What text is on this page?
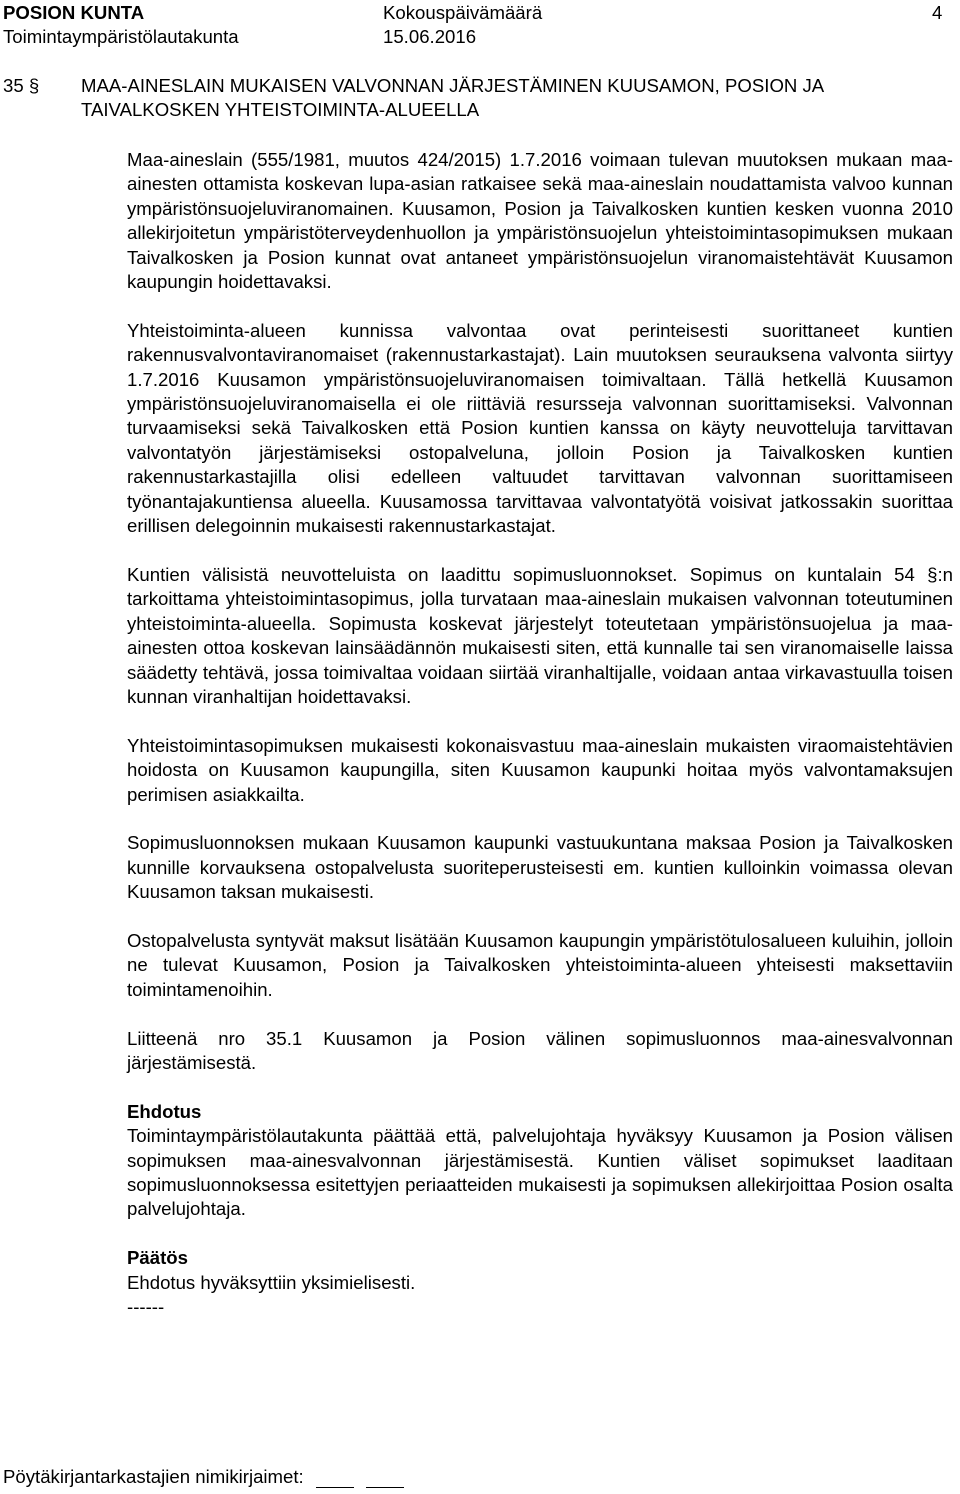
POSION KUNTA
Toimintaympäristölautakunta
Kokouspäivämäärä
15.06.2016
4
35 § MAA-AINESLAIN MUKAISEN VALVONNAN JÄRJESTÄMINEN KUUSAMON, POSION JA TAIVALKOSKEN YHTEISTOIMINTA-ALUEELLA

Maa-aineslain (555/1981, muutos 424/2015) 1.7.2016 voimaan tulevan muutoksen mukaan maa-ainesten ottamista koskevan lupa-asian ratkaisee sekä maa-aineslain noudattamista valvoo kunnan ympäristönsuojeluviranomainen. Kuusamon, Posion ja Taivalkosken kuntien kesken vuonna 2010 allekirjoitetun ympäristöterveydenhuollon ja ympäristönsuojelun yhteistoimintasopimuksen mukaan Taivalkosken ja Posion kunnat ovat antaneet ympäristönsuojelun viranomaistehtävät Kuusamon kaupungin hoidettavaksi.

Yhteistoiminta-alueen kunnissa valvontaa ovat perinteisesti suorittaneet kuntien rakennusvalvontaviranomaiset (rakennustarkastajat). Lain muutoksen seurauksena valvonta siirtyy 1.7.2016 Kuusamon ympäristönsuojeluviranomaisen toimivaltaan. Tällä hetkellä Kuusamon ympäristönsuojeluviranomaisella ei ole riittäviä resursseja valvonnan suorittamiseksi. Valvonnan turvaamiseksi sekä Taivalkosken että Posion kuntien kanssa on käyty neuvotteluja tarvittavan valvontatyön järjestämiseksi ostopalveluna, jolloin Posion ja Taivalkosken kuntien rakennustarkastajilla olisi edelleen valtuudet tarvittavan valvonnan suorittamiseen työnantajakuntiensa alueella. Kuusamossa tarvittavaa valvontatyötä voisivat jatkossakin suorittaa erillisen delegoinnin mukaisesti rakennustarkastajat.

Kuntien välisistä neuvotteluista on laadittu sopimusluonnokset. Sopimus on kuntalain 54 §:n tarkoittama yhteistoimintasopimus, jolla turvataan maa-aineslain mukaisen valvonnan toteutuminen yhteistoiminta-alueella. Sopimusta koskevat järjestelyt toteutetaan ympäristönsuojelua ja maa-ainesten ottoa koskevan lainsäädännön mukaisesti siten, että kunnalle tai sen viranomaiselle laissa säädetty tehtävä, jossa toimivaltaa voidaan siirtää viranhaltijalle, voidaan antaa virkavastuulla toisen kunnan viranhaltijan hoidettavaksi.

Yhteistoimintasopimuksen mukaisesti kokonaisvastuu maa-aineslain mukaisten viraomaistehtävien hoidosta on Kuusamon kaupungilla, siten Kuusamon kaupunki hoitaa myös valvontamaksujen perimisen asiakkailta.

Sopimusluonnoksen mukaan Kuusamon kaupunki vastuukuntana maksaa Posion ja Taivalkosken kunnille korvauksena ostopalvelusta suoriteperusteisesti em. kuntien kulloinkin voimassa olevan Kuusamon taksan mukaisesti.

Ostopalvelusta syntyvät maksut lisätään Kuusamon kaupungin ympäristötulosalueen kuluihin, jolloin ne tulevat Kuusamon, Posion ja Taivalkosken yhteistoiminta-alueen yhteisesti maksettaviin toimintamenoihin.

Liitteenä nro 35.1 Kuusamon ja Posion välinen sopimusluonnos maa-ainesvalvonnan järjestämisestä.

Ehdotus

Toimintaympäristölautakunta päättää että, palvelujohtaja hyväksyy Kuusamon ja Posion välisen sopimuksen maa-ainesvalvonnan järjestämisestä. Kuntien väliset sopimukset laaditaan sopimusluonnoksessa esitettyjen periaatteiden mukaisesti ja sopimuksen allekirjoittaa Posion osalta palvelujohtaja.

Päätös

Ehdotus hyväksyttiin yksimielisesti.

------

Pöytäkirjantarkastajien nimikirjaimet:
